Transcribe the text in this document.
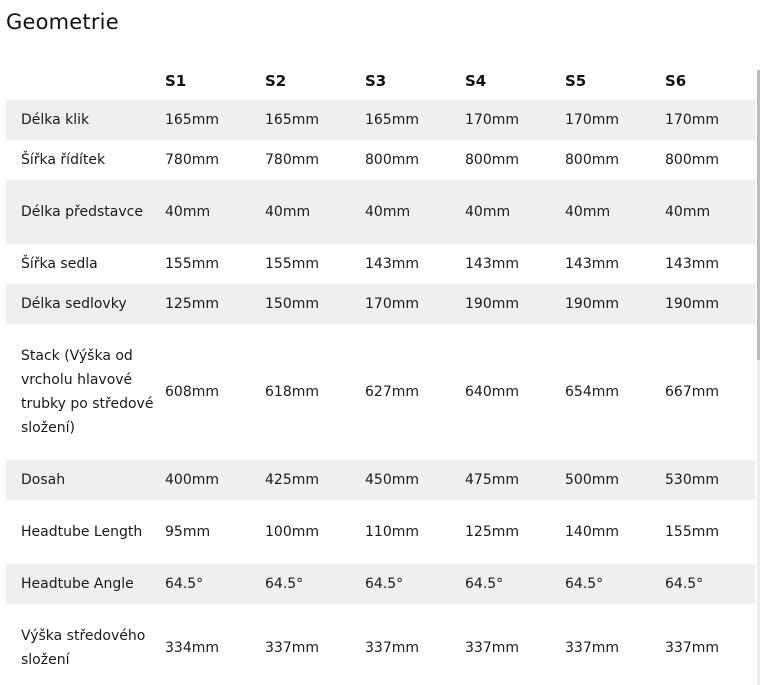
Geometrie
	S1	S2	S3	S4	S5	S6
Délka klik	165mm	165mm	165mm	170mm	170mm	170mm
Šířka řídítek	780mm	780mm	800mm	800mm	800mm	800mm
Délka představce	40mm	40mm	40mm	40mm	40mm	40mm
Šířka sedla	155mm	155mm	143mm	143mm	143mm	143mm
Délka sedlovky	125mm	150mm	170mm	190mm	190mm	190mm
Stack (Výška od vrcholu hlavové trubky po středové složení)	608mm	618mm	627mm	640mm	654mm	667mm
Dosah	400mm	425mm	450mm	475mm	500mm	530mm
Headtube Length	95mm	100mm	110mm	125mm	140mm	155mm
Headtube Angle	64.5°	64.5°	64.5°	64.5°	64.5°	64.5°
Výška středového složení	334mm	337mm	337mm	337mm	337mm	337mm
